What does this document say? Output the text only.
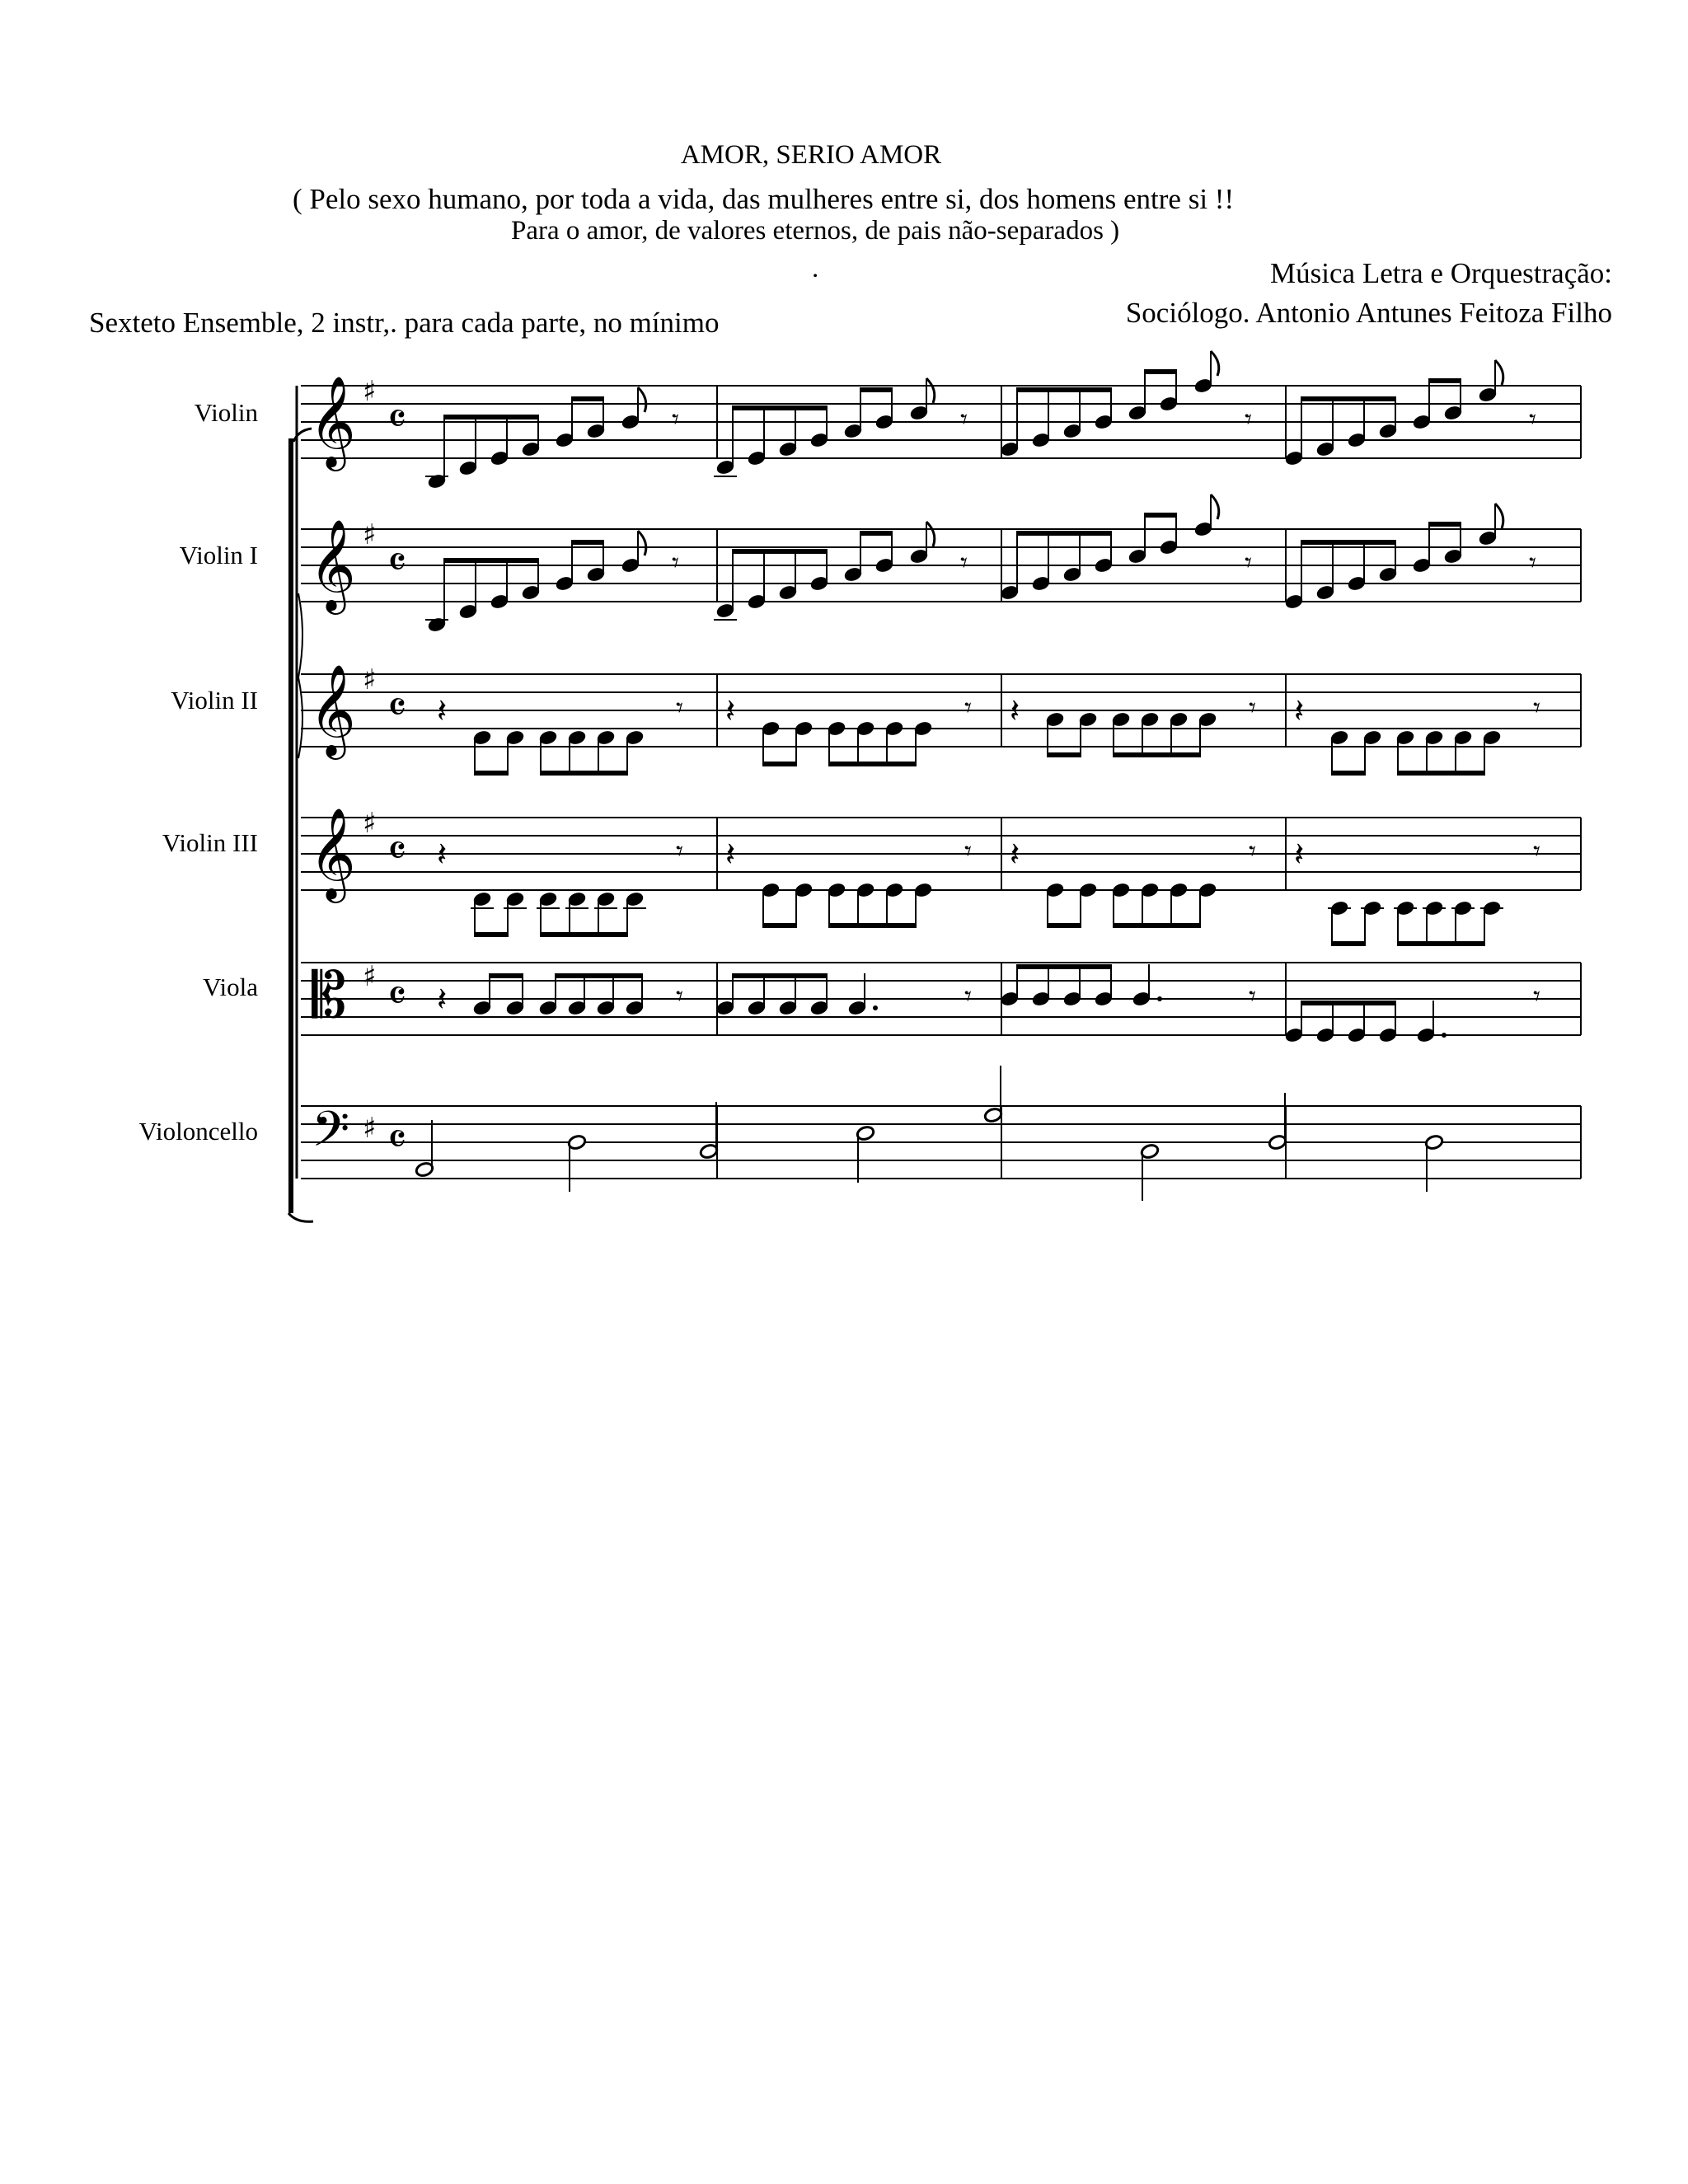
AMOR, SERIO AMOR
( Pelo sexo humano, por toda a vida, das mulheres entre si, dos homens entre si !!
Para o amor, de valores eternos, de pais não-separados )
.	Música Letra e Orquestração:
Sociólogo. Antonio Antunes Feitoza Filho
Sexteto Ensemble, 2 instr,. para cada parte, no mínimo
Violin
Violin I
Violin II
Violin III
Viola
Violoncello
𝄞 ♯
𝄴	𝄾	𝄾	𝄾	𝄾
𝄞 ♯
𝄴	𝄾	𝄾	𝄾	𝄾
𝄞 ♯
𝄴 𝄽	𝄾 𝄽	𝄾 𝄽	𝄾 𝄽	𝄾
𝄞 ♯
𝄴 𝄽	𝄾 𝄽	𝄾 𝄽	𝄾 𝄽	𝄾
𝄡 ♯ 𝄴 𝄽	𝄾	𝄾	𝄾	𝄾
𝄢 ♯ 𝄴
